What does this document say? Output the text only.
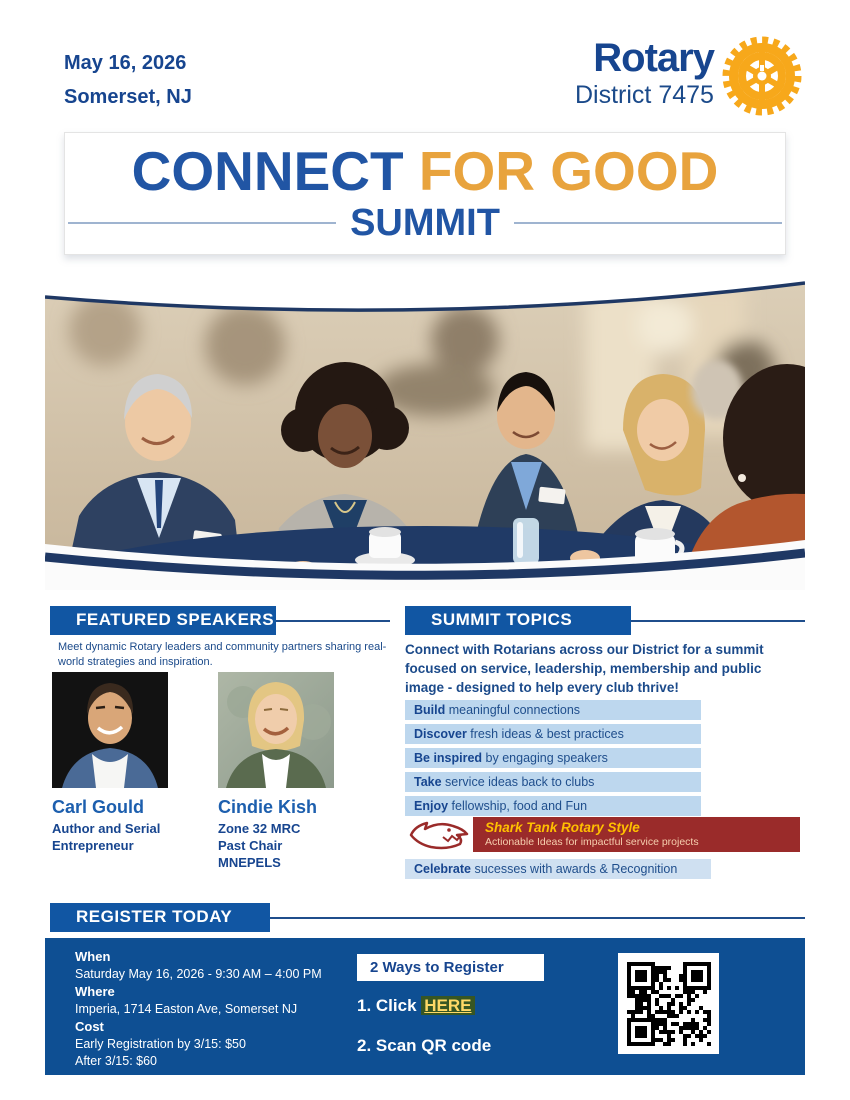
May 16, 2026
Somerset, NJ
Rotary
District 7475
CONNECT FOR GOOD
SUMMIT
FEATURED SPEAKERS
Meet dynamic Rotary leaders and community partners sharing real-world strategies and inspiration.
Carl Gould
Author and Serial
Entrepreneur
Cindie Kish
Zone 32 MRC
Past Chair MNEPELS
SUMMIT TOPICS
Connect with Rotarians across our District for a summit focused on service, leadership, membership and public image - designed to help every club thrive!
Build meaningful connections
Discover fresh ideas & best practices
Be inspired by engaging speakers
Take service ideas back to clubs
Enjoy fellowship, food and Fun
Shark Tank Rotary Style
Actionable Ideas for impactful service projects
Celebrate sucesses with awards & Recognition
REGISTER TODAY
When
Saturday May 16, 2026 - 9:30 AM – 4:00 PM
Where
Imperia, 1714 Easton Ave, Somerset NJ
Cost
Early Registration by 3/15: $50
After 3/15: $60
2 Ways to Register
1. Click HERE
2. Scan QR code
